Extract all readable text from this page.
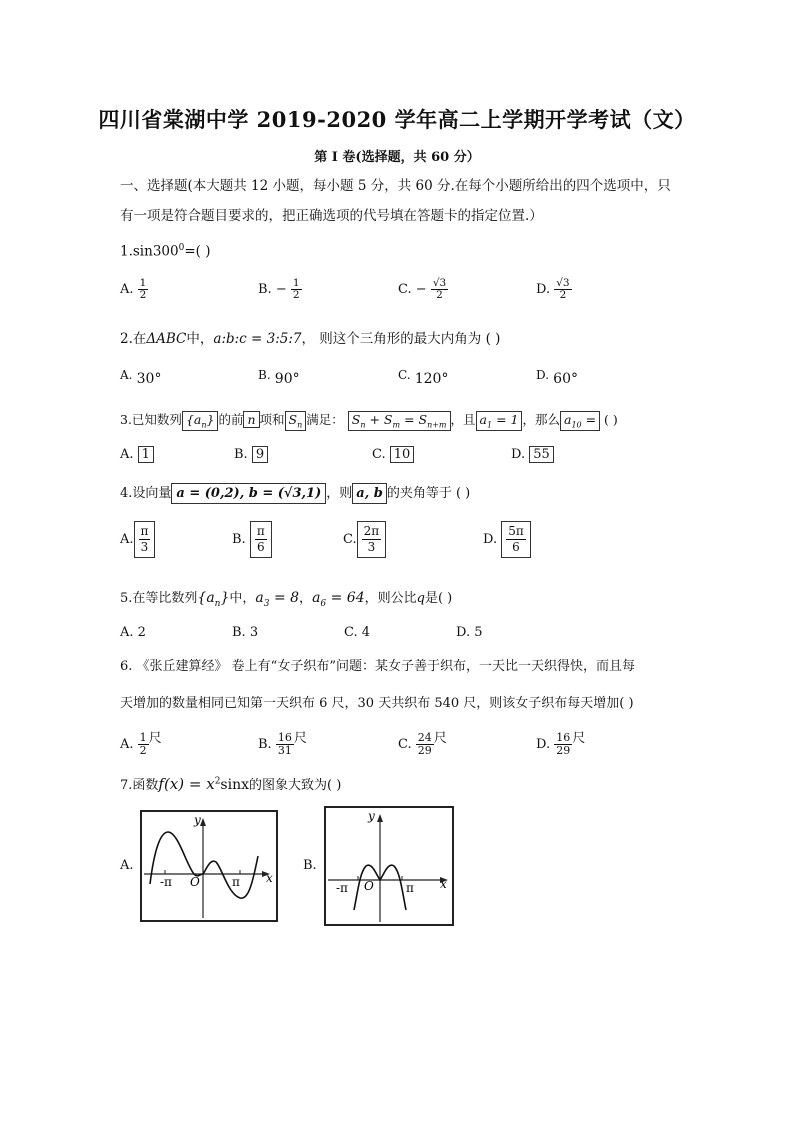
四川省棠湖中学 2019-2020 学年高二上学期开学考试（文）
第 I 卷(选择题，共 60 分）
一、选择题(本大题共 12 小题，每小题 5 分，共 60 分.在每个小题所给出的四个选项中，只
有一项是符合题目要求的，把正确选项的代号填在答题卡的指定位置.）
$1.\sin 300^0=$( )
A. $\frac{1}{2}$	B. − $\frac{1}{2}$	C. − $\frac{√3}{2}$	D. $\frac{√3}{2}$
2.在ΔABC中，a:b:c = 3:5:7， 则这个三角形的最大内角为 ( )
A. 30°	B. 90°	C. 120°	D. 60°
3.已知数列 $\{a_n\}$ 的前 n 项和 $S_n$ 满足： $S_n + S_m = S_{n+m}$ ，且 $a_1 = 1$ ，那么 $a_{10}$ = ( )
A. 1	B. 9	C. 10	D. 55
4.设向量 a = (0,2), b = (√3,1) ，则 a, b 的夹角等于 ( )
A. $\frac{\pi}{3}$	B. $\frac{\pi}{6}$	C. $\frac{2\pi}{3}$	D. $\frac{5\pi}{6}$
5.在等比数列$\{a_n\}$中，$a_3 = 8$，$a_6 = 64$，则公比q是( )
A. 2	B. 3	C. 4	D. 5
6. 《张丘建算经》 卷上有“女子织布”问题：某女子善于织布，一天比一天织得快，而且每
天增加的数量相同已知第一天织布 6 尺，30 天共织布 540 尺，则该女子织布每天增加( )
A. $\frac{1}{2}$ 尺	B. $\frac{16}{31}$ 尺	C. $\frac{24}{29}$ 尺	D. $\frac{16}{29}$ 尺
7.函数$f(x) = x^2\sin x$的图象大致为( )
A.
-π O	π
y
x
B.
-π O	π
y
x
